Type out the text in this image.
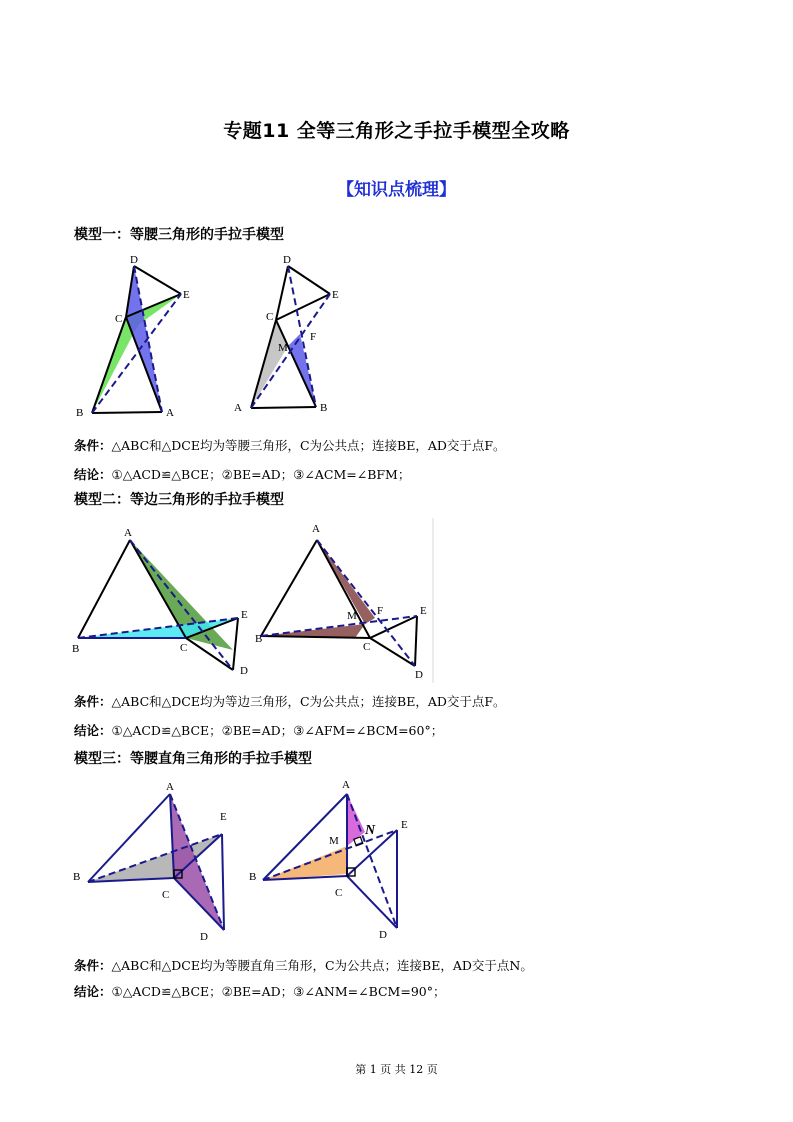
专题11 全等三角形之手拉手模型全攻略
【知识点梳理】
模型一：等腰三角形的手拉手模型
D
E
C
B	A
D
E
C
F
M
A	B
条件：△ABC和△DCE均为等腰三角形，C为公共点；连接BE，AD交于点F。
结论：①△ACD≌△BCE；②BE=AD；③∠ACM=∠BFM；
模型二：等边三角形的手拉手模型
A
E
B	C
D
A
M F	E
B
C
D
条件：△ABC和△DCE均为等边三角形，C为公共点；连接BE，AD交于点F。
结论：①△ACD≌△BCE；②BE=AD；③∠AFM=∠BCM=60°；
模型三：等腰直角三角形的手拉手模型
A
E
B
C
D
A
N E
M
B
C
D
条件：△ABC和△DCE均为等腰直角三角形，C为公共点；连接BE，AD交于点N。
结论：①△ACD≌△BCE；②BE=AD；③∠ANM=∠BCM=90°；
第 1 页 共 12 页
